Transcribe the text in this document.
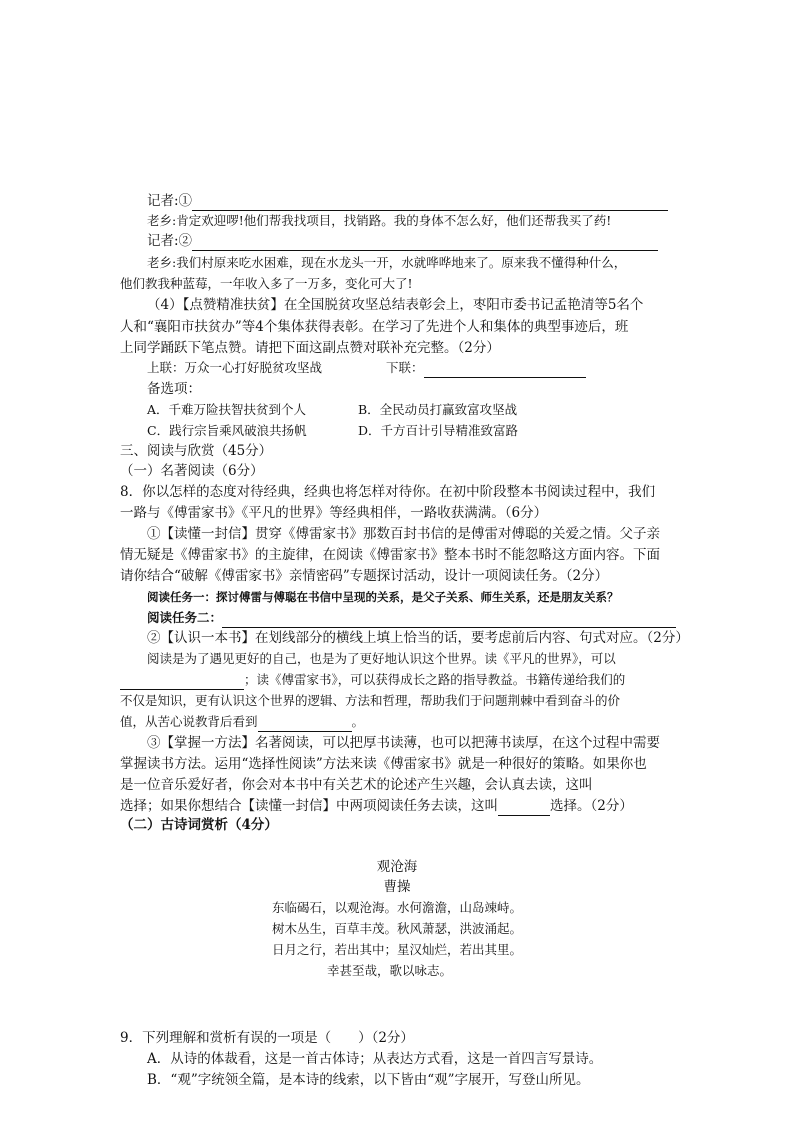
记者:①
老乡:肯定欢迎啰!他们帮我找项目，找销路。我的身体不怎么好，他们还帮我买了药!
记者:②
老乡:我们村原来吃水困难，现在水龙头一开，水就哗哗地来了。原来我不懂得种什么，
他们教我种蓝莓，一年收入多了一万多，变化可大了!
（4）【点赞精准扶贫】在全国脱贫攻坚总结表彰会上，枣阳市委书记孟艳清等5名个
人和“襄阳市扶贫办”等4个集体获得表彰。在学习了先进个人和集体的典型事迹后，班
上同学踊跃下笔点赞。请把下面这副点赞对联补充完整。（2分）
上联：万众一心打好脱贫攻坚战	下联：
备选项：
A．千难万险扶智扶贫到个人	B．全民动员打赢致富攻坚战
C．践行宗旨乘风破浪共扬帆	D．千方百计引导精准致富路
三、阅读与欣赏（45分）
（一）名著阅读（6分）
8．你以怎样的态度对待经典，经典也将怎样对待你。在初中阶段整本书阅读过程中，我们
一路与《傅雷家书》《平凡的世界》等经典相伴，一路收获满满。（6分）
①【读懂一封信】贯穿《傅雷家书》那数百封书信的是傅雷对傅聪的关爱之情。父子亲
情无疑是《傅雷家书》的主旋律，在阅读《傅雷家书》整本书时不能忽略这方面内容。下面
请你结合“破解《傅雷家书》亲情密码”专题探讨活动，设计一项阅读任务。（2分）
阅读任务一：探讨傅雷与傅聪在书信中呈现的关系，是父子关系、师生关系，还是朋友关系？
阅读任务二：
②【认识一本书】在划线部分的横线上填上恰当的话，要考虑前后内容、句式对应。（2分）
阅读是为了遇见更好的自己，也是为了更好地认识这个世界。读《平凡的世界》，可以
；读《傅雷家书》，可以获得成长之路的指导教益。书籍传递给我们的
不仅是知识，更有认识这个世界的逻辑、方法和哲理，帮助我们于问题荆棘中看到奋斗的价
值，从苦心说教背后看到	。
③【掌握一方法】名著阅读，可以把厚书读薄，也可以把薄书读厚，在这个过程中需要
掌握读书方法。运用“选择性阅读”方法来读《傅雷家书》就是一种很好的策略。如果你也
是一位音乐爱好者，你会对本书中有关艺术的论述产生兴趣，会认真去读，这叫
选择；如果你想结合【读懂一封信】中两项阅读任务去读，这叫	选择。（2分）
（二）古诗词赏析（4分）
观沧海
曹操
东临碣石，以观沧海。水何澹澹，山岛竦峙。
树木丛生，百草丰茂。秋风萧瑟，洪波涌起。
日月之行，若出其中；星汉灿烂，若出其里。
幸甚至哉，歌以咏志。
9．下列理解和赏析有误的一项是（　　）（2分）
A．从诗的体裁看，这是一首古体诗；从表达方式看，这是一首四言写景诗。
B．“观”字统领全篇，是本诗的线索，以下皆由“观”字展开，写登山所见。
